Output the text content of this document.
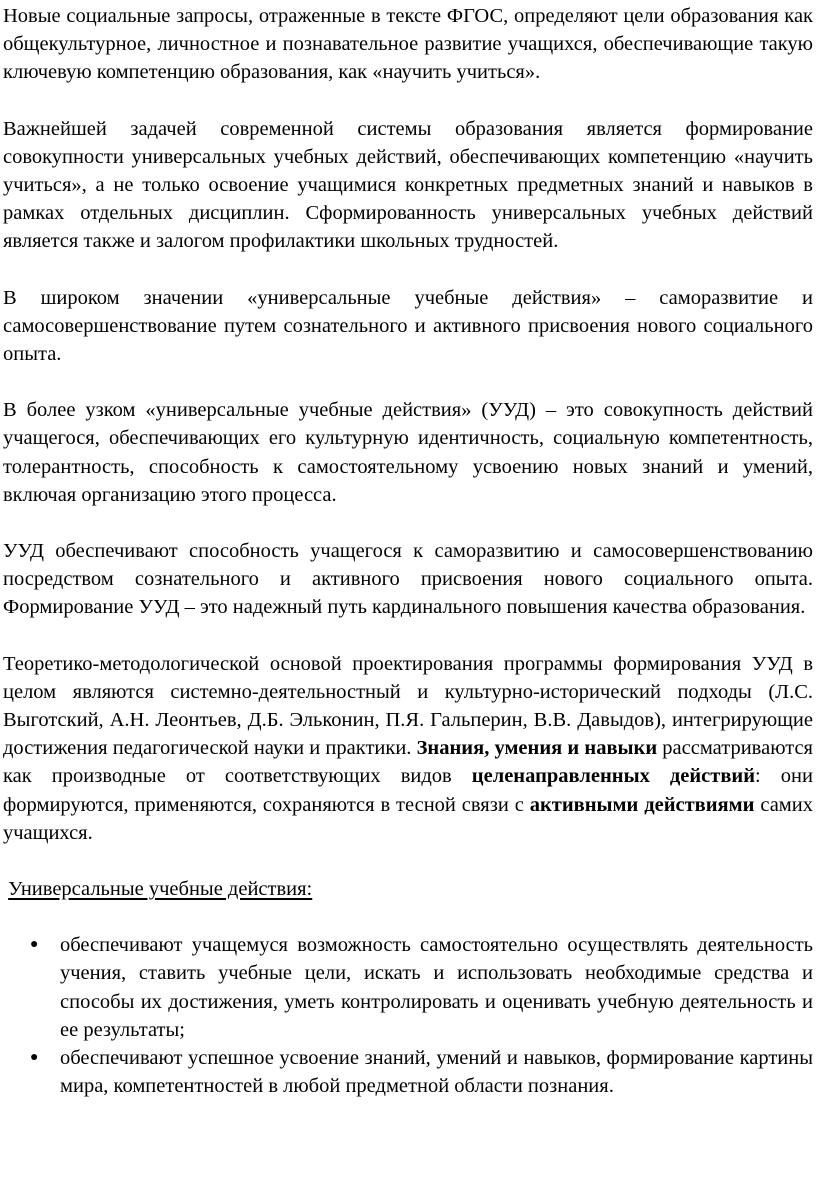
Новые социальные запросы, отраженные в тексте ФГОС, определяют цели образования как общекультурное, личностное и познавательное развитие учащихся, обеспечивающие такую ключевую компетенцию образования, как «научить учиться».

Важнейшей задачей современной системы образования является формирование совокупности универсальных учебных действий, обеспечивающих компетенцию «научить учиться», а не только освоение учащимися конкретных предметных знаний и навыков в рамках отдельных дисциплин. Сформированность универсальных учебных действий является также и залогом профилактики школьных трудностей.

В широком значении «универсальные учебные действия» – саморазвитие и самосовершенствование путем сознательного и активного присвоения нового социального опыта.

В более узком «универсальные учебные действия» (УУД) – это совокупность действий учащегося, обеспечивающих его культурную идентичность, социальную компетентность, толерантность, способность к самостоятельному усвоению новых знаний и умений, включая организацию этого процесса.

УУД обеспечивают способность учащегося к саморазвитию и самосовершенствованию посредством сознательного и активного присвоения нового социального опыта. Формирование УУД – это надежный путь кардинального повышения качества образования.

Теоретико-методологической основой проектирования программы формирования УУД в целом являются системно-деятельностный и культурно-исторический подходы (Л.С. Выготский, А.Н. Леонтьев, Д.Б. Эльконин, П.Я. Гальперин, В.В. Давыдов), интегрирующие достижения педагогической науки и практики. Знания, умения и навыки рассматриваются как производные от соответствующих видов целенаправленных действий: они формируются, применяются, сохраняются в тесной связи с активными действиями самих учащихся.

Универсальные учебные действия:

● обеспечивают учащемуся возможность самостоятельно осуществлять деятельность учения, ставить учебные цели, искать и использовать необходимые средства и способы их достижения, уметь контролировать и оценивать учебную деятельность и ее результаты;
● обеспечивают успешное усвоение знаний, умений и навыков, формирование картины мира, компетентностей в любой предметной области познания.
